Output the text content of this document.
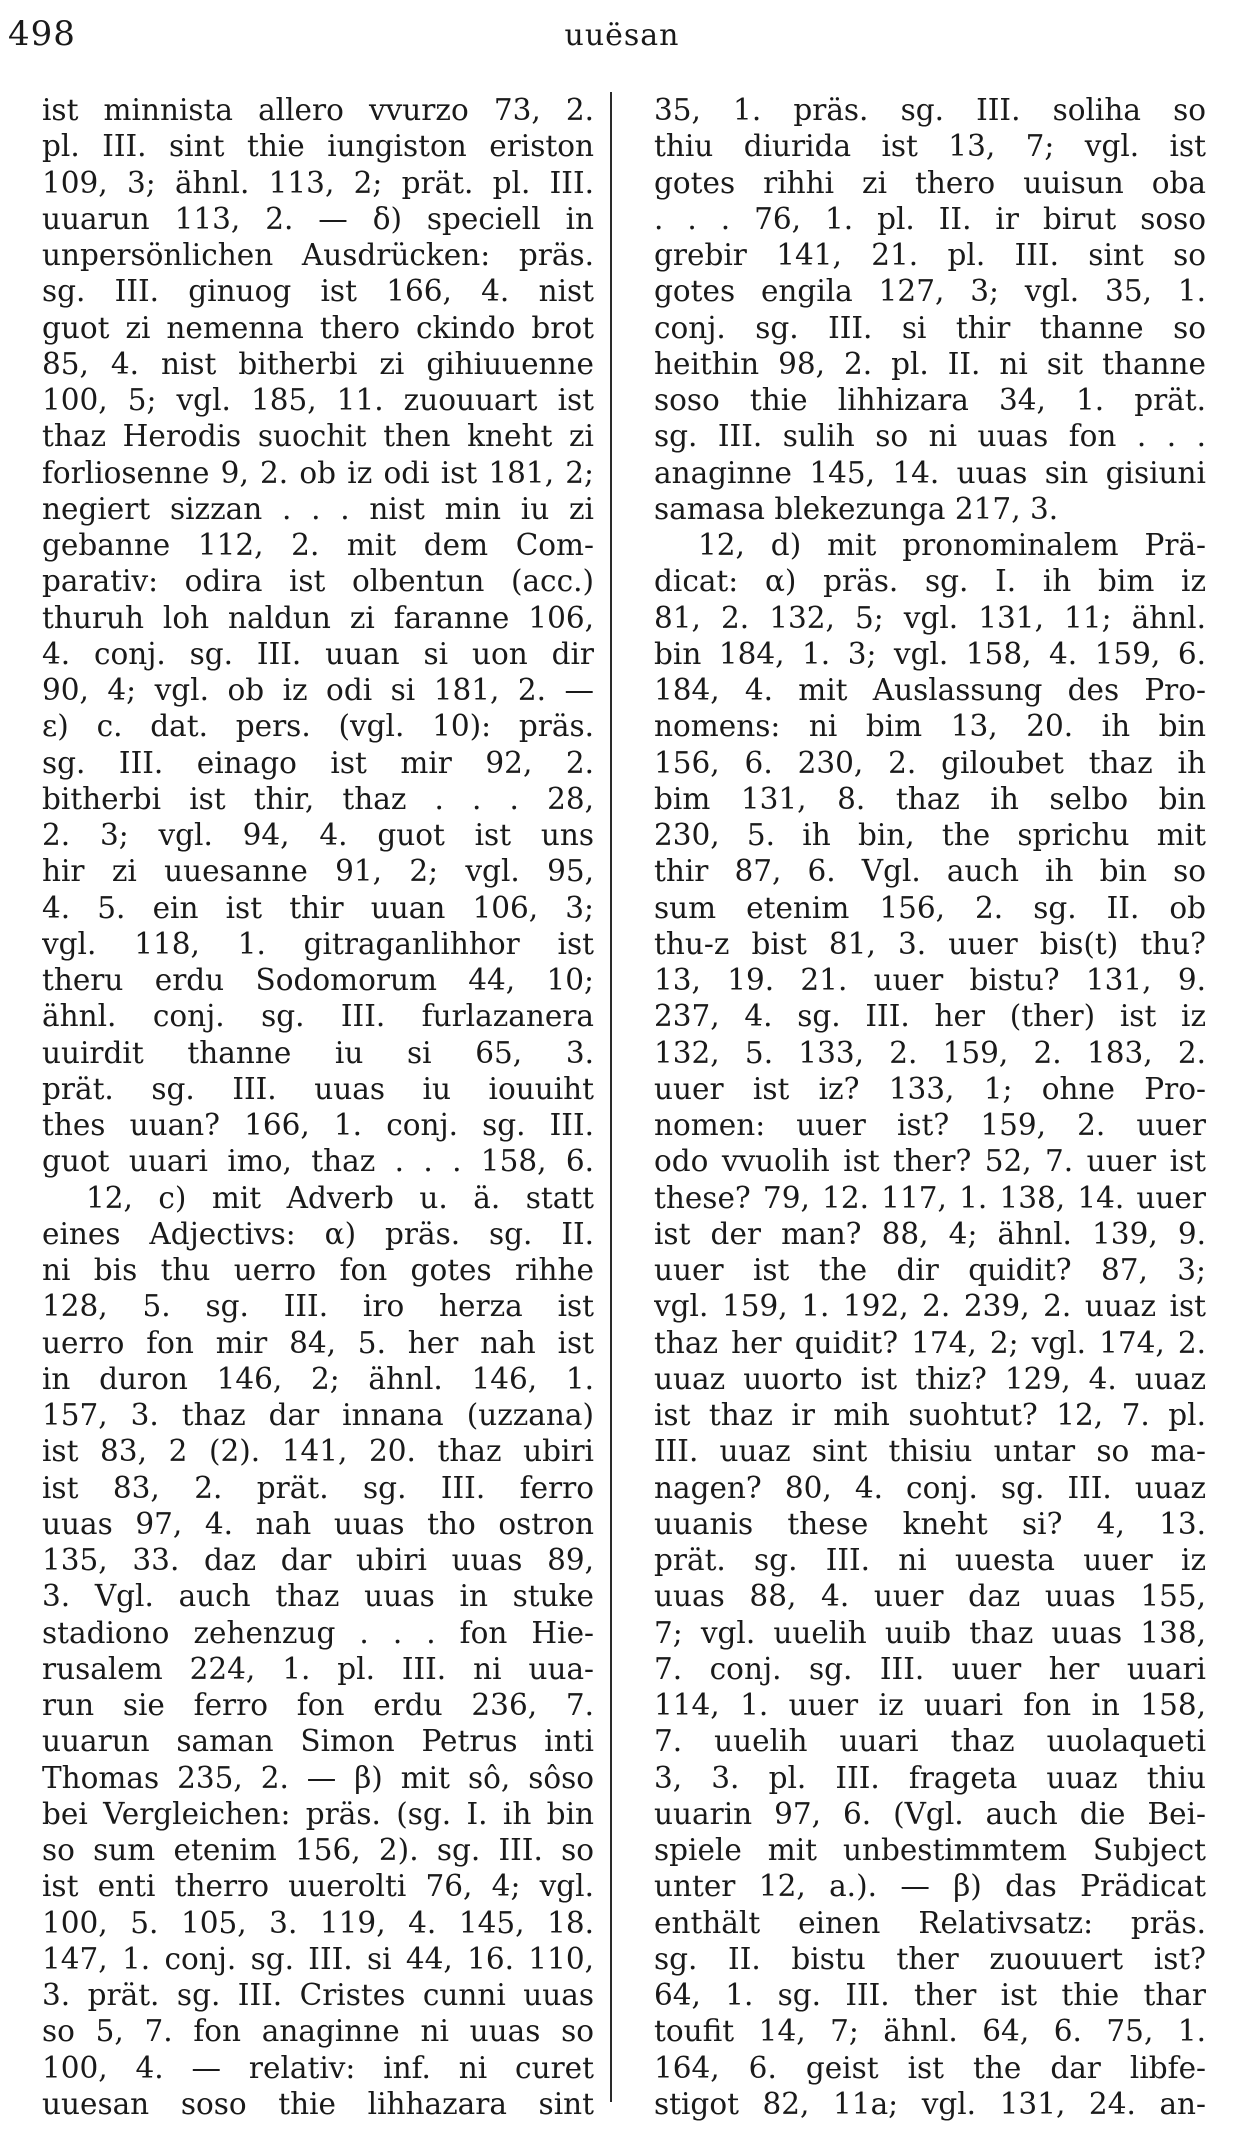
498	uuësan
ist minnista allero vvurzo 73, 2.
pl. III. sint thie iungiston eriston
109, 3; ähnl. 113, 2; prät. pl. III.
uuarun 113, 2. — δ) speciell in
unpersönlichen Ausdrücken: präs.
sg. III. ginuog ist 166, 4. nist
guot zi nemenna thero ckindo brot
85, 4. nist bitherbi zi gihiuuenne
100, 5; vgl. 185, 11. zuouuart ist
thaz Herodis suochit then kneht zi
forliosenne 9, 2. ob iz odi ist 181, 2;
negiert sizzan . . . nist min iu zi
gebanne 112, 2. mit dem Com-
parativ: odira ist olbentun (acc.)
thuruh loh naldun zi faranne 106,
4. conj. sg. III. uuan si uon dir
90, 4; vgl. ob iz odi si 181, 2. —
ε) c. dat. pers. (vgl. 10): präs.
sg. III. einago ist mir 92, 2.
bitherbi ist thir, thaz . . . 28,
2. 3; vgl. 94, 4. guot ist uns
hir zi uuesanne 91, 2; vgl. 95,
4. 5. ein ist thir uuan 106, 3;
vgl. 118, 1. gitraganlihhor ist
theru erdu Sodomorum 44, 10;
ähnl. conj. sg. III. furlazanera
uuirdit thanne iu si 65, 3.
prät. sg. III. uuas iu iouuiht
thes uuan? 166, 1. conj. sg. III.
guot uuari imo, thaz . . . 158, 6.
12, c) mit Adverb u. ä. statt
eines Adjectivs: α) präs. sg. II.
ni bis thu uerro fon gotes rihhe
128, 5. sg. III. iro herza ist
uerro fon mir 84, 5. her nah ist
in duron 146, 2; ähnl. 146, 1.
157, 3. thaz dar innana (uzzana)
ist 83, 2 (2). 141, 20. thaz ubiri
ist 83, 2. prät. sg. III. ferro
uuas 97, 4. nah uuas tho ostron
135, 33. daz dar ubiri uuas 89,
3. Vgl. auch thaz uuas in stuke
stadiono zehenzug . . . fon Hie-
rusalem 224, 1. pl. III. ni uua-
run sie ferro fon erdu 236, 7.
uuarun saman Simon Petrus inti
Thomas 235, 2. — β) mit sô, sôso
bei Vergleichen: präs. (sg. I. ih bin
so sum etenim 156, 2). sg. III. so
ist enti therro uuerolti 76, 4; vgl.
100, 5. 105, 3. 119, 4. 145, 18.
147, 1. conj. sg. III. si 44, 16. 110,
3. prät. sg. III. Cristes cunni uuas
so 5, 7. fon anaginne ni uuas so
100, 4. — relativ: inf. ni curet
uuesan soso thie lihhazara sint
35, 1. präs. sg. III. soliha so
thiu diurida ist 13, 7; vgl. ist
gotes rihhi zi thero uuisun oba
. . . 76, 1. pl. II. ir birut soso
grebir 141, 21. pl. III. sint so
gotes engila 127, 3; vgl. 35, 1.
conj. sg. III. si thir thanne so
heithin 98, 2. pl. II. ni sit thanne
soso thie lihhizara 34, 1. prät.
sg. III. sulih so ni uuas fon . . .
anaginne 145, 14. uuas sin gisiuni
samasa blekezunga 217, 3.
12, d) mit pronominalem Prä-
dicat: α) präs. sg. I. ih bim iz
81, 2. 132, 5; vgl. 131, 11; ähnl.
bin 184, 1. 3; vgl. 158, 4. 159, 6.
184, 4. mit Auslassung des Pro-
nomens: ni bim 13, 20. ih bin
156, 6. 230, 2. giloubet thaz ih
bim 131, 8. thaz ih selbo bin
230, 5. ih bin, the sprichu mit
thir 87, 6. Vgl. auch ih bin so
sum etenim 156, 2. sg. II. ob
thu-z bist 81, 3. uuer bis(t) thu?
13, 19. 21. uuer bistu? 131, 9.
237, 4. sg. III. her (ther) ist iz
132, 5. 133, 2. 159, 2. 183, 2.
uuer ist iz? 133, 1; ohne Pro-
nomen: uuer ist? 159, 2. uuer
odo vvuolih ist ther? 52, 7. uuer ist
these? 79, 12. 117, 1. 138, 14. uuer
ist der man? 88, 4; ähnl. 139, 9.
uuer ist the dir quidit? 87, 3;
vgl. 159, 1. 192, 2. 239, 2. uuaz ist
thaz her quidit? 174, 2; vgl. 174, 2.
uuaz uuorto ist thiz? 129, 4. uuaz
ist thaz ir mih suohtut? 12, 7. pl.
III. uuaz sint thisiu untar so ma-
nagen? 80, 4. conj. sg. III. uuaz
uuanis these kneht si? 4, 13.
prät. sg. III. ni uuesta uuer iz
uuas 88, 4. uuer daz uuas 155,
7; vgl. uuelih uuib thaz uuas 138,
7. conj. sg. III. uuer her uuari
114, 1. uuer iz uuari fon in 158,
7. uuelih uuari thaz uuolaqueti
3, 3. pl. III. frageta uuaz thiu
uuarin 97, 6. (Vgl. auch die Bei-
spiele mit unbestimmtem Subject
unter 12, a.). — β) das Prädicat
enthält einen Relativsatz: präs.
sg. II. bistu ther zuouuert ist?
64, 1. sg. III. ther ist thie thar
toufit 14, 7; ähnl. 64, 6. 75, 1.
164, 6. geist ist the dar libfe-
stigot 82, 11a; vgl. 131, 24. an-
